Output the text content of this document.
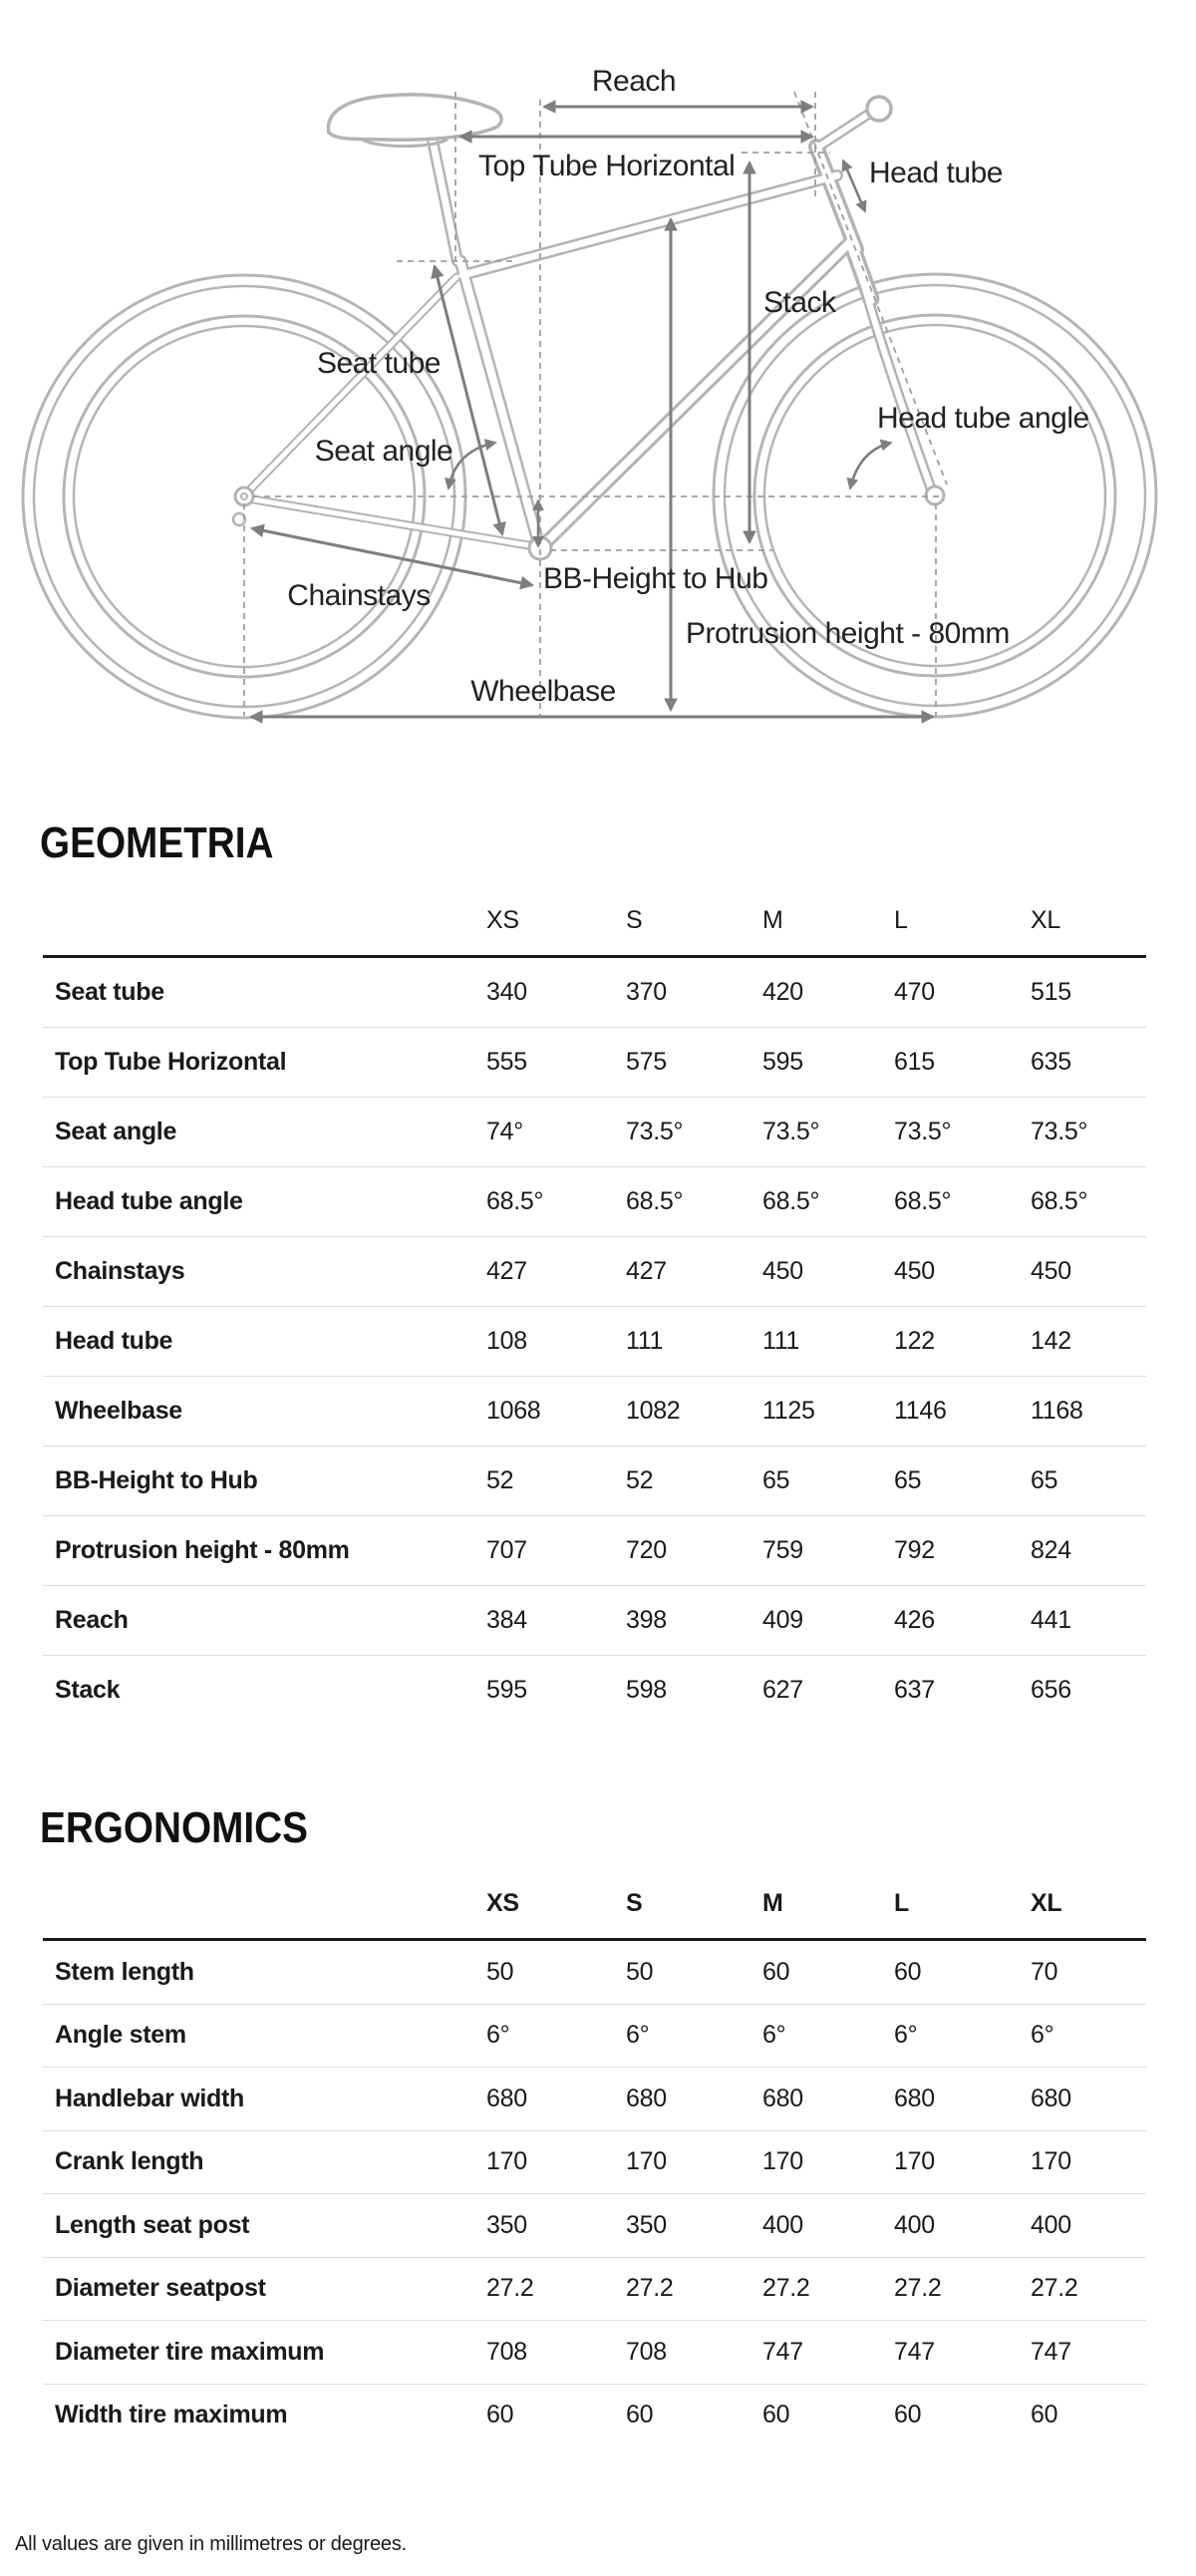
Reach
Top Tube Horizontal	Head tube
Stack
Seat tube
Seat angle
Head tube angle
Chainstays
BB-Height to Hub
Protrusion height - 80mm
Wheelbase
GEOMETRIA
XS	S	M	L	XL
Seat tube	340	370	420	470	515
Top Tube Horizontal	555	575	595	615	635
Seat angle	74°	73.5°	73.5°	73.5°	73.5°
Head tube angle	68.5°	68.5°	68.5°	68.5°	68.5°
Chainstays	427	427	450	450	450
Head tube	108	111	111	122	142
Wheelbase	1068	1082	1125	1146	1168
BB-Height to Hub	52	52	65	65	65
Protrusion height - 80mm	707	720	759	792	824
Reach	384	398	409	426	441
Stack	595	598	627	637	656
ERGONOMICS
XS	S	M	L	XL
Stem length	50	50	60	60	70
Angle stem	6°	6°	6°	6°	6°
Handlebar width	680	680	680	680	680
Crank length	170	170	170	170	170
Length seat post	350	350	400	400	400
Diameter seatpost	27.2	27.2	27.2	27.2	27.2
Diameter tire maximum	708	708	747	747	747
Width tire maximum	60	60	60	60	60
All values are given in millimetres or degrees.
